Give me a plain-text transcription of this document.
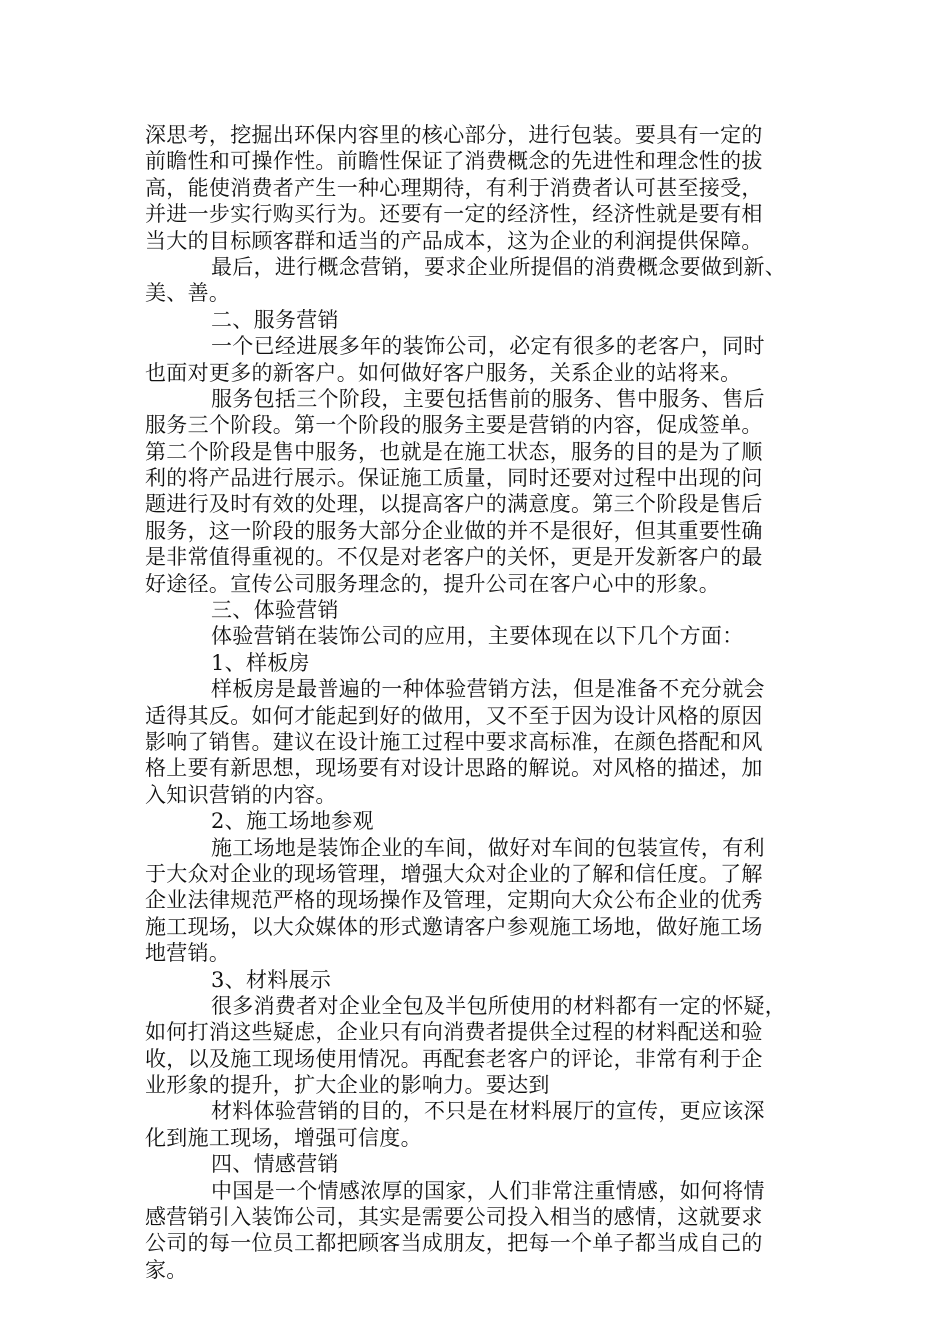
深思考，挖掘出环保内容里的核心部分，进行包装。要具有一定的
前瞻性和可操作性。前瞻性保证了消费概念的先进性和理念性的拔
高，能使消费者产生一种心理期待，有利于消费者认可甚至接受，
并进一步实行购买行为。还要有一定的经济性，经济性就是要有相
当大的目标顾客群和适当的产品成本，这为企业的利润提供保障。
最后，进行概念营销，要求企业所提倡的消费概念要做到新、
美、善。
二、服务营销
一个已经进展多年的装饰公司，必定有很多的老客户，同时
也面对更多的新客户。如何做好客户服务，关系企业的站将来。
服务包括三个阶段，主要包括售前的服务、售中服务、售后
服务三个阶段。第一个阶段的服务主要是营销的内容，促成签单。
第二个阶段是售中服务，也就是在施工状态，服务的目的是为了顺
利的将产品进行展示。保证施工质量，同时还要对过程中出现的问
题进行及时有效的处理，以提高客户的满意度。第三个阶段是售后
服务，这一阶段的服务大部分企业做的并不是很好，但其重要性确
是非常值得重视的。不仅是对老客户的关怀，更是开发新客户的最
好途径。宣传公司服务理念的，提升公司在客户心中的形象。
三、体验营销
体验营销在装饰公司的应用，主要体现在以下几个方面：
1、样板房
样板房是最普遍的一种体验营销方法，但是准备不充分就会
适得其反。如何才能起到好的做用，又不至于因为设计风格的原因
影响了销售。建议在设计施工过程中要求高标准，在颜色搭配和风
格上要有新思想，现场要有对设计思路的解说。对风格的描述，加
入知识营销的内容。
2、施工场地参观
施工场地是装饰企业的车间，做好对车间的包装宣传，有利
于大众对企业的现场管理，增强大众对企业的了解和信任度。了解
企业法律规范严格的现场操作及管理，定期向大众公布企业的优秀
施工现场，以大众媒体的形式邀请客户参观施工场地，做好施工场
地营销。
3、材料展示
很多消费者对企业全包及半包所使用的材料都有一定的怀疑，
如何打消这些疑虑，企业只有向消费者提供全过程的材料配送和验
收，以及施工现场使用情况。再配套老客户的评论，非常有利于企
业形象的提升，扩大企业的影响力。要达到
材料体验营销的目的，不只是在材料展厅的宣传，更应该深
化到施工现场，增强可信度。
四、情感营销
中国是一个情感浓厚的国家，人们非常注重情感，如何将情
感营销引入装饰公司，其实是需要公司投入相当的感情，这就要求
公司的每一位员工都把顾客当成朋友，把每一个单子都当成自己的
家。
